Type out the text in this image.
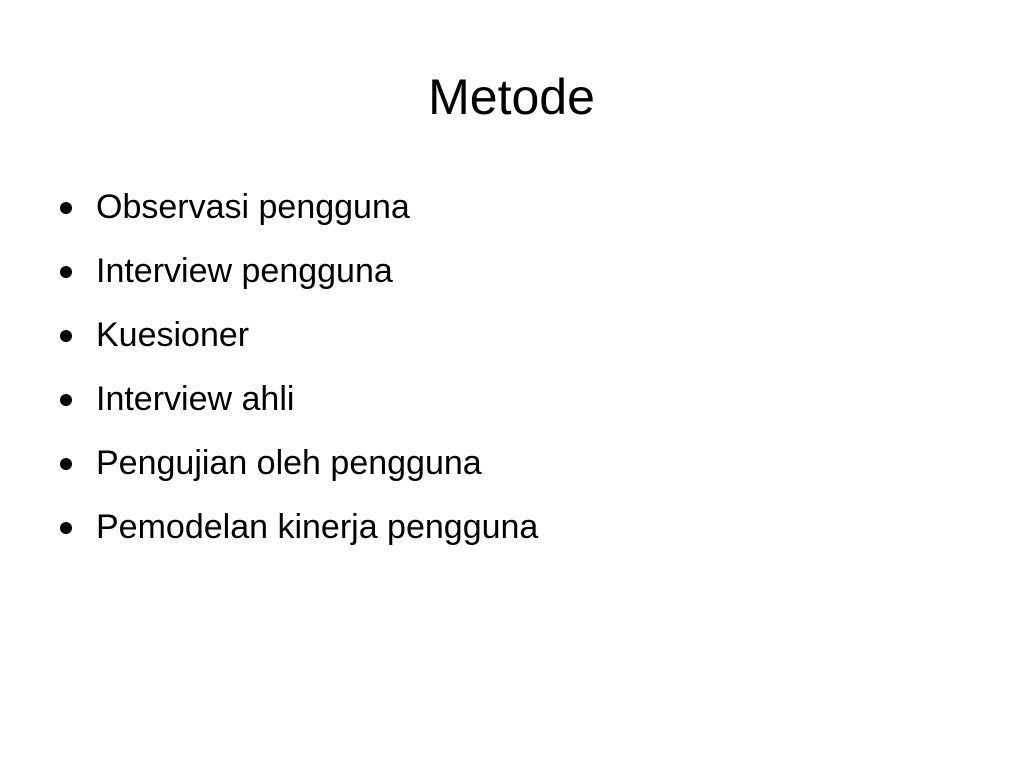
Metode
Observasi pengguna
Interview pengguna
Kuesioner
Interview ahli
Pengujian oleh pengguna
Pemodelan kinerja pengguna
